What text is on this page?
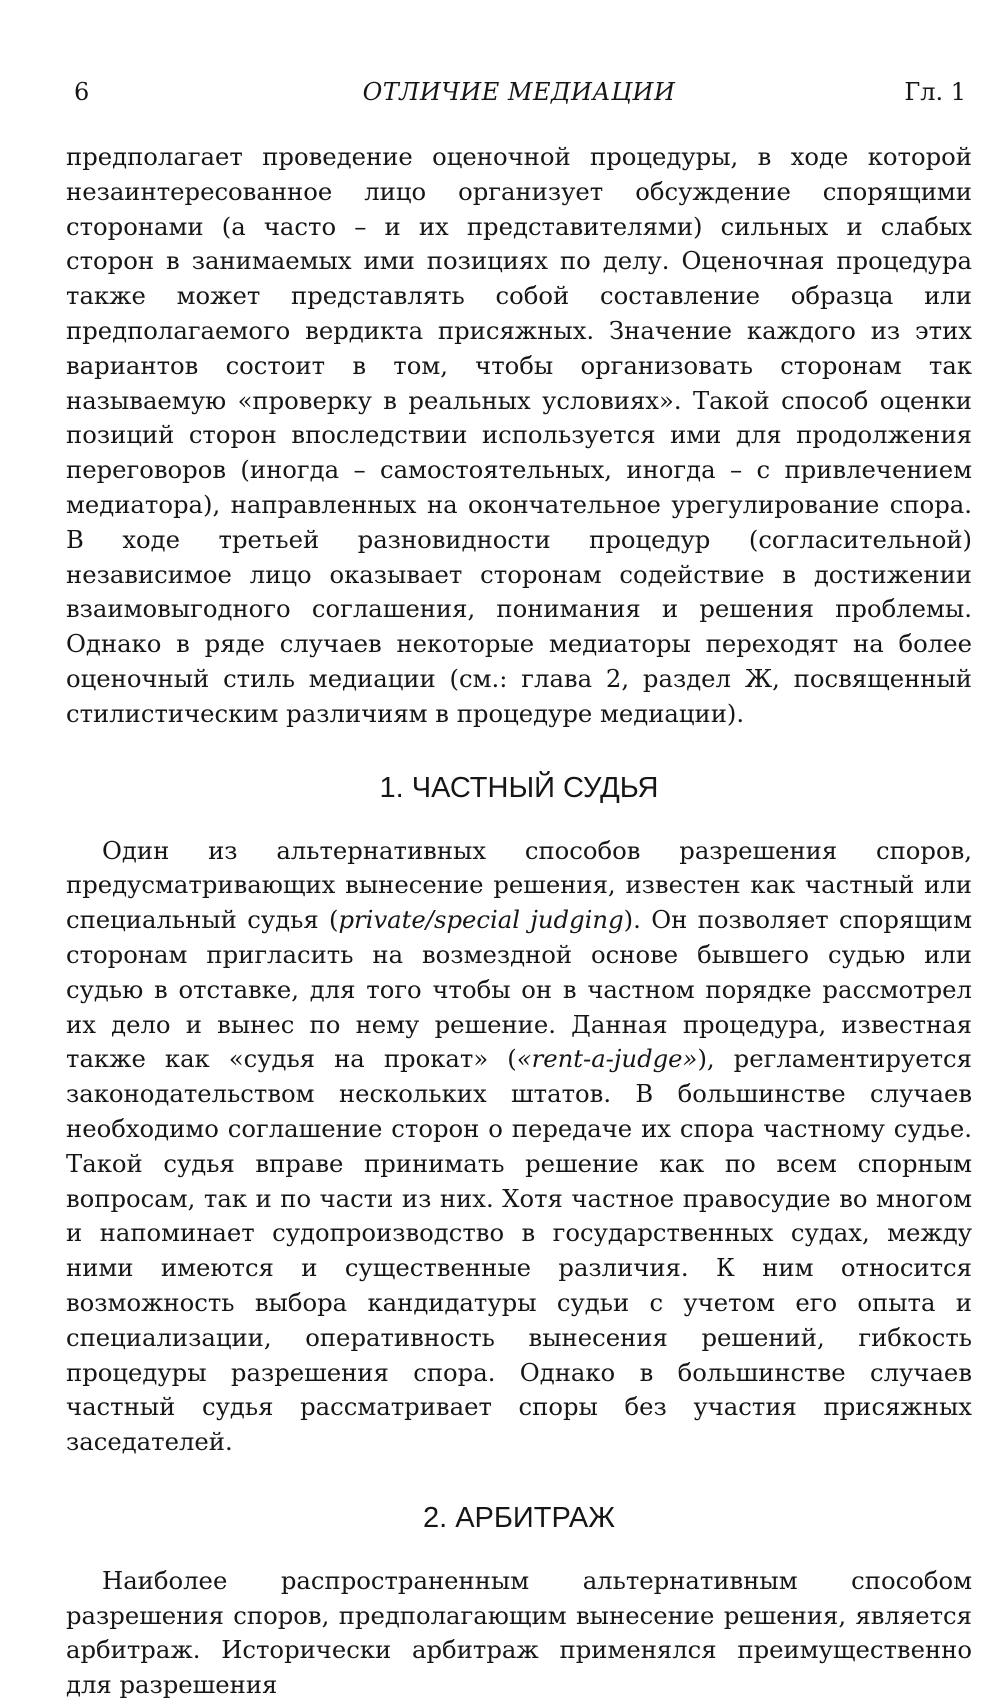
6	ОТЛИЧИЕ МЕДИАЦИИ	Гл. 1

предполагает проведение оценочной процедуры, в ходе которой незаинтересованное лицо организует обсуждение спорящими сторонами (а часто – и их представителями) сильных и слабых сторон в занимаемых ими позициях по делу. Оценочная процедура также может представлять собой составление образца или предполагаемого вердикта присяжных. Значение каждого из этих вариантов состоит в том, чтобы организовать сторонам так называемую «проверку в реальных условиях». Такой способ оценки позиций сторон впоследствии используется ими для продолжения переговоров (иногда – самостоятельных, иногда – с привлечением медиатора), направленных на окончательное урегулирование спора. В ходе третьей разновидности процедур (согласительной) независимое лицо оказывает сторонам содействие в достижении взаимовыгодного соглашения, понимания и решения проблемы. Однако в ряде случаев некоторые медиаторы переходят на более оценочный стиль медиации (см.: глава 2, раздел Ж, посвященный стилистическим различиям в процедуре медиации).

1. ЧАСТНЫЙ СУДЬЯ

Один из альтернативных способов разрешения споров, предусматривающих вынесение решения, известен как частный или специальный судья (private/special judging). Он позволяет спорящим сторонам пригласить на возмездной основе бывшего судью или судью в отставке, для того чтобы он в частном порядке рассмотрел их дело и вынес по нему решение. Данная процедура, известная также как «судья на прокат» («rent-a-judge»), регламентируется законодательством нескольких штатов. В большинстве случаев необходимо соглашение сторон о передаче их спора частному судье. Такой судья вправе принимать решение как по всем спорным вопросам, так и по части из них. Хотя частное правосудие во многом и напоминает судопроизводство в государственных судах, между ними имеются и существенные различия. К ним относится возможность выбора кандидатуры судьи с учетом его опыта и специализации, оперативность вынесения решений, гибкость процедуры разрешения спора. Однако в большинстве случаев частный судья рассматривает споры без участия присяжных заседателей.

2. АРБИТРАЖ

Наиболее распространенным альтернативным способом разрешения споров, предполагающим вынесение решения, является арбитраж. Исторически арбитраж применялся преимущественно для разрешения
